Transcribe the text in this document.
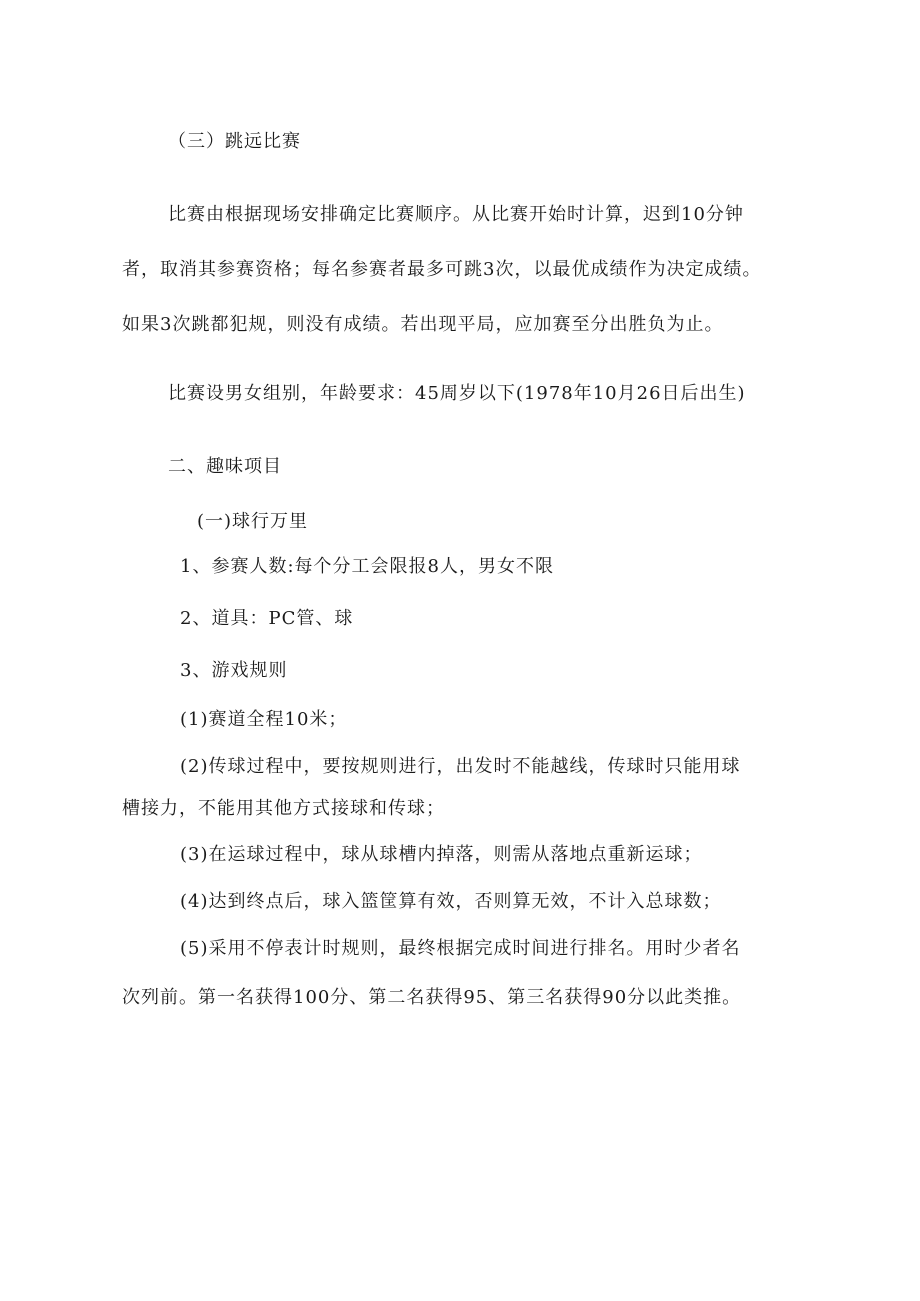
（三）跳远比赛
比赛由根据现场安排确定比赛顺序。从比赛开始时计算，迟到10分钟
者，取消其参赛资格；每名参赛者最多可跳3次，以最优成绩作为决定成绩。
如果3次跳都犯规，则没有成绩。若出现平局，应加赛至分出胜负为止。
比赛设男女组别，年龄要求：45周岁以下(1978年10月26日后出生)
二、趣味项目
(一)球行万里
1、参赛人数:每个分工会限报8人，男女不限
2、道具：PC管、球
3、游戏规则
(1)赛道全程10米；
(2)传球过程中，要按规则进行，出发时不能越线，传球时只能用球
槽接力，不能用其他方式接球和传球；
(3)在运球过程中，球从球槽内掉落，则需从落地点重新运球；
(4)达到终点后，球入篮筐算有效，否则算无效，不计入总球数；
(5)采用不停表计时规则，最终根据完成时间进行排名。用时少者名
次列前。第一名获得100分、第二名获得95、第三名获得90分以此类推。
